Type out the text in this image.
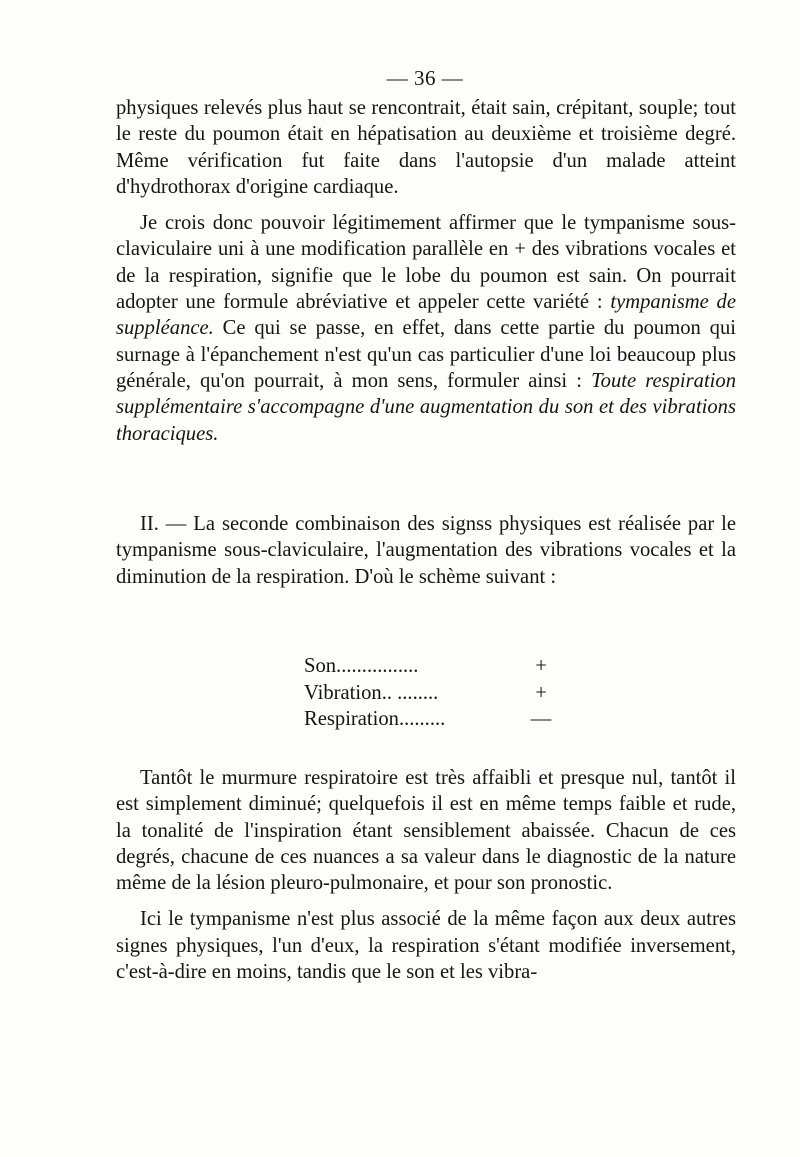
— 36 —

physiques relevés plus haut se rencontrait, était sain, crépitant, souple; tout le reste du poumon était en hépatisation au deuxième et troisième degré. Même vérification fut faite dans l'autopsie d'un malade atteint d'hydrothorax d'origine cardiaque.

Je crois donc pouvoir légitimement affirmer que le tympanisme sous-claviculaire uni à une modification parallèle en + des vibrations vocales et de la respiration, signifie que le lobe du poumon est sain. On pourrait adopter une formule abréviative et appeler cette variété : tympanisme de suppléance. Ce qui se passe, en effet, dans cette partie du poumon qui surnage à l'épanchement n'est qu'un cas particulier d'une loi beaucoup plus générale, qu'on pourrait, à mon sens, formuler ainsi : Toute respiration supplémentaire s'accompagne d'une augmentation du son et des vibrations thoraciques.

II. — La seconde combinaison des signss physiques est réalisée par le tympanisme sous-claviculaire, l'augmentation des vibrations vocales et la diminution de la respiration. D'où le schème suivant :

Son................	+
Vibration.. ........	+
Respiration.........	—

Tantôt le murmure respiratoire est très affaibli et presque nul, tantôt il est simplement diminué; quelquefois il est en même temps faible et rude, la tonalité de l'inspiration étant sensiblement abaissée. Chacun de ces degrés, chacune de ces nuances a sa valeur dans le diagnostic de la nature même de la lésion pleuro-pulmonaire, et pour son pronostic.

Ici le tympanisme n'est plus associé de la même façon aux deux autres signes physiques, l'un d'eux, la respiration s'étant modifiée inversement, c'est-à-dire en moins, tandis que le son et les vibra-
